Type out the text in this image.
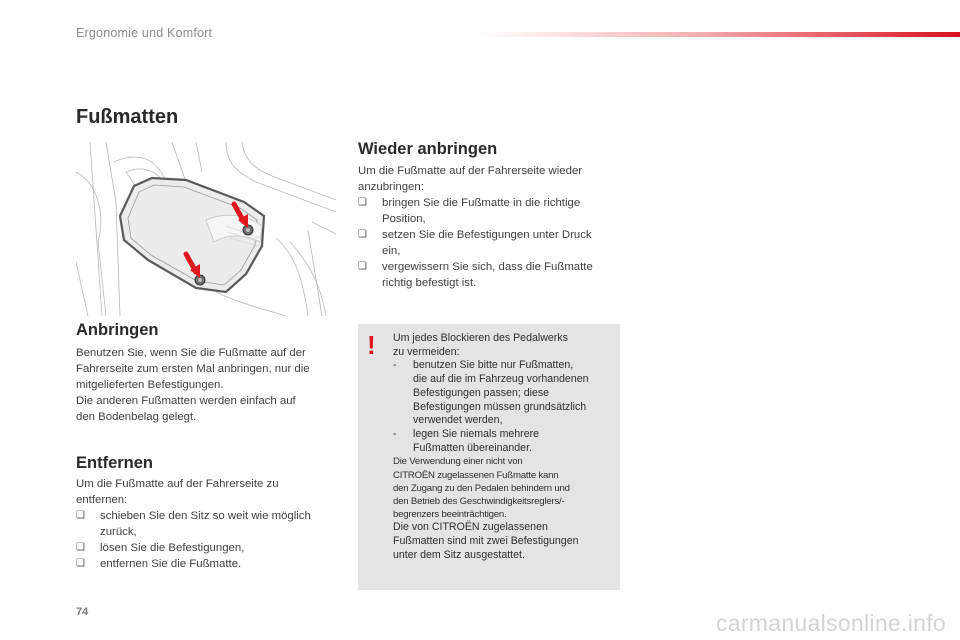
Ergonomie und Komfort
Fußmatten
Anbringen
Benutzen Sie, wenn Sie die Fußmatte auf der
Fahrerseite zum ersten Mal anbringen, nur die
mitgelieferten Befestigungen.
Die anderen Fußmatten werden einfach auf
den Bodenbelag gelegt.
Entfernen
Um die Fußmatte auf der Fahrerseite zu
entfernen:
❑ schieben Sie den Sitz so weit wie möglich
zurück,
❑ lösen Sie die Befestigungen,
❑ entfernen Sie die Fußmatte.
Wieder anbringen
Um die Fußmatte auf der Fahrerseite wieder
anzubringen:
❑ bringen Sie die Fußmatte in die richtige
Position,
❑ setzen Sie die Befestigungen unter Druck
ein,
❑ vergewissern Sie sich, dass die Fußmatte
richtig befestigt ist.
! Um jedes Blockieren des Pedalwerks
zu vermeiden:

- benutzen Sie bitte nur Fußmatten,
die auf die im Fahrzeug vorhandenen
Befestigungen passen; diese
Befestigungen müssen grundsätzlich
verwendet werden,
- legen Sie niemals mehrere
Fußmatten übereinander.

Die Verwendung einer nicht von
CITROËN zugelassenen Fußmatte kann
den Zugang zu den Pedalen behindern und
den Betrieb des Geschwindigkeitsreglers/-
begrenzers beeinträchtigen.

Die von CITROËN zugelassenen
Fußmatten sind mit zwei Befestigungen
unter dem Sitz ausgestattet.

74	carmanualsonline.info
